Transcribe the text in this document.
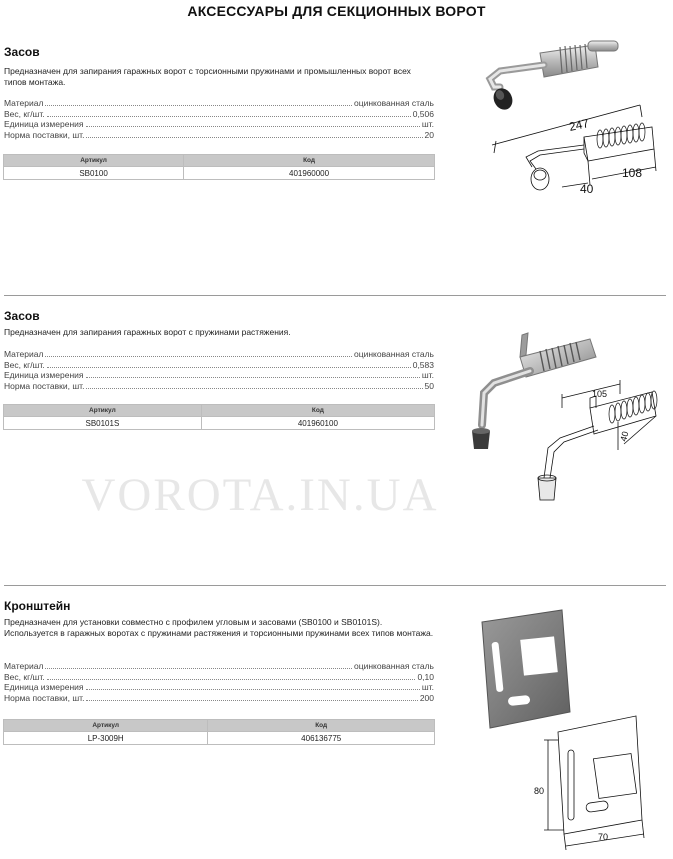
АКСЕССУАРЫ ДЛЯ СЕКЦИОННЫХ ВОРОТ
Засов
Предназначен для запирания гаражных ворот с торсионными пружинами и промышленных ворот всех типов монтажа.
Материал	оцинкованная сталь
Вес, кг/шт.	0,506
Единица измерения	шт.
Норма поставки, шт.	20
Артикул	Код
SB0100	401960000
247
108
40
Засов
Предназначен для запирания гаражных ворот с пружинами растяжения.
Материал	оцинкованная сталь
Вес, кг/шт.	0,583
Единица измерения	шт.
Норма поставки, шт.	50
Артикул	Код
SB0101S	401960100
105
40
VOROTA.IN.UA
Кронштейн
Предназначен для установки совместно с профилем угловым и засовами (SB0100 и SB0101S). Используется в гаражных воротах с пружинами растяжения и торсионными пружинами всех типов монтажа.
Материал	оцинкованная сталь
Вес, кг/шт.	0,10
Единица измерения	шт.
Норма поставки, шт.	200
Артикул	Код
LP-3009H	406136775
80
70
